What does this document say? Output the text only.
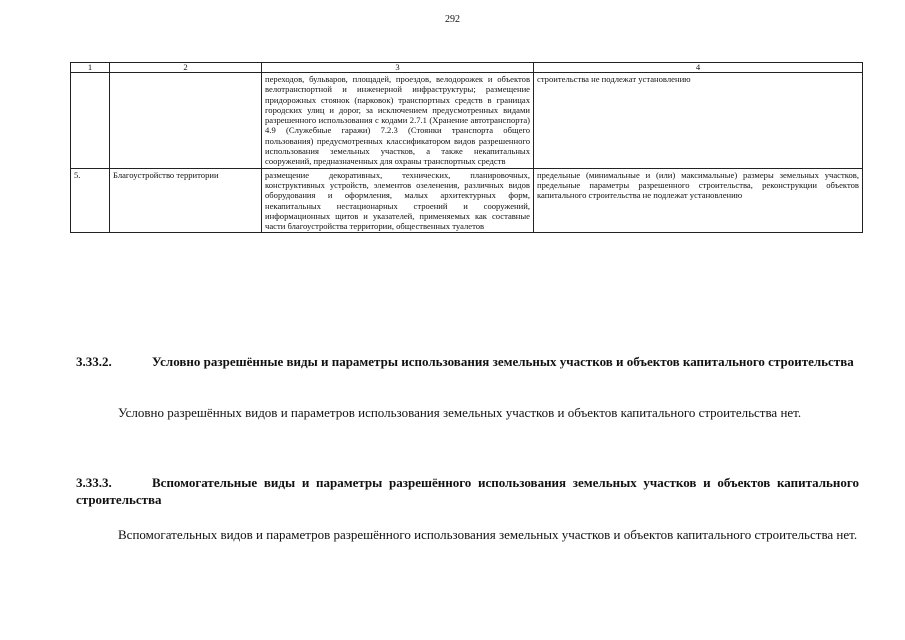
292
1	2	3	4
		переходов, бульваров, площадей, проездов, велодорожек и объектов велотранспортной и инженерной инфраструктуры; размещение придорожных стоянок (парковок) транспортных средств в границах городских улиц и дорог, за исключением предусмотренных видами разрешенного использования с кодами 2.7.1 (Хранение автотранспорта) 4.9 (Служебные гаражи) 7.2.3 (Стоянки транспорта общего пользования) предусмотренных классификатором видов разрешенного использования земельных участков, а также некапитальных сооружений, предназначенных для охраны транспортных средств	строительства не подлежат установлению
5.	Благоустройство территории	размещение декоративных, технических, планировочных, конструктивных устройств, элементов озеленения, различных видов оборудования и оформления, малых архитектурных форм, некапитальных нестационарных строений и сооружений, информационных щитов и указателей, применяемых как составные части благоустройства территории, общественных туалетов	предельные (минимальные и (или) максимальные) размеры земельных участков, предельные параметры разрешенного строительства, реконструкции объектов капитального строительства не подлежат установлению
3.33.2.	Условно разрешённые виды и параметры использования земельных участков и объектов капитального строительства
Условно разрешённых видов и параметров использования земельных участков и объектов капитального строительства нет.
3.33.3.	Вспомогательные виды и параметры разрешённого использования земельных участков и объектов капитального строительства
Вспомогательных видов и параметров разрешённого использования земельных участков и объектов капитального строительства нет.
